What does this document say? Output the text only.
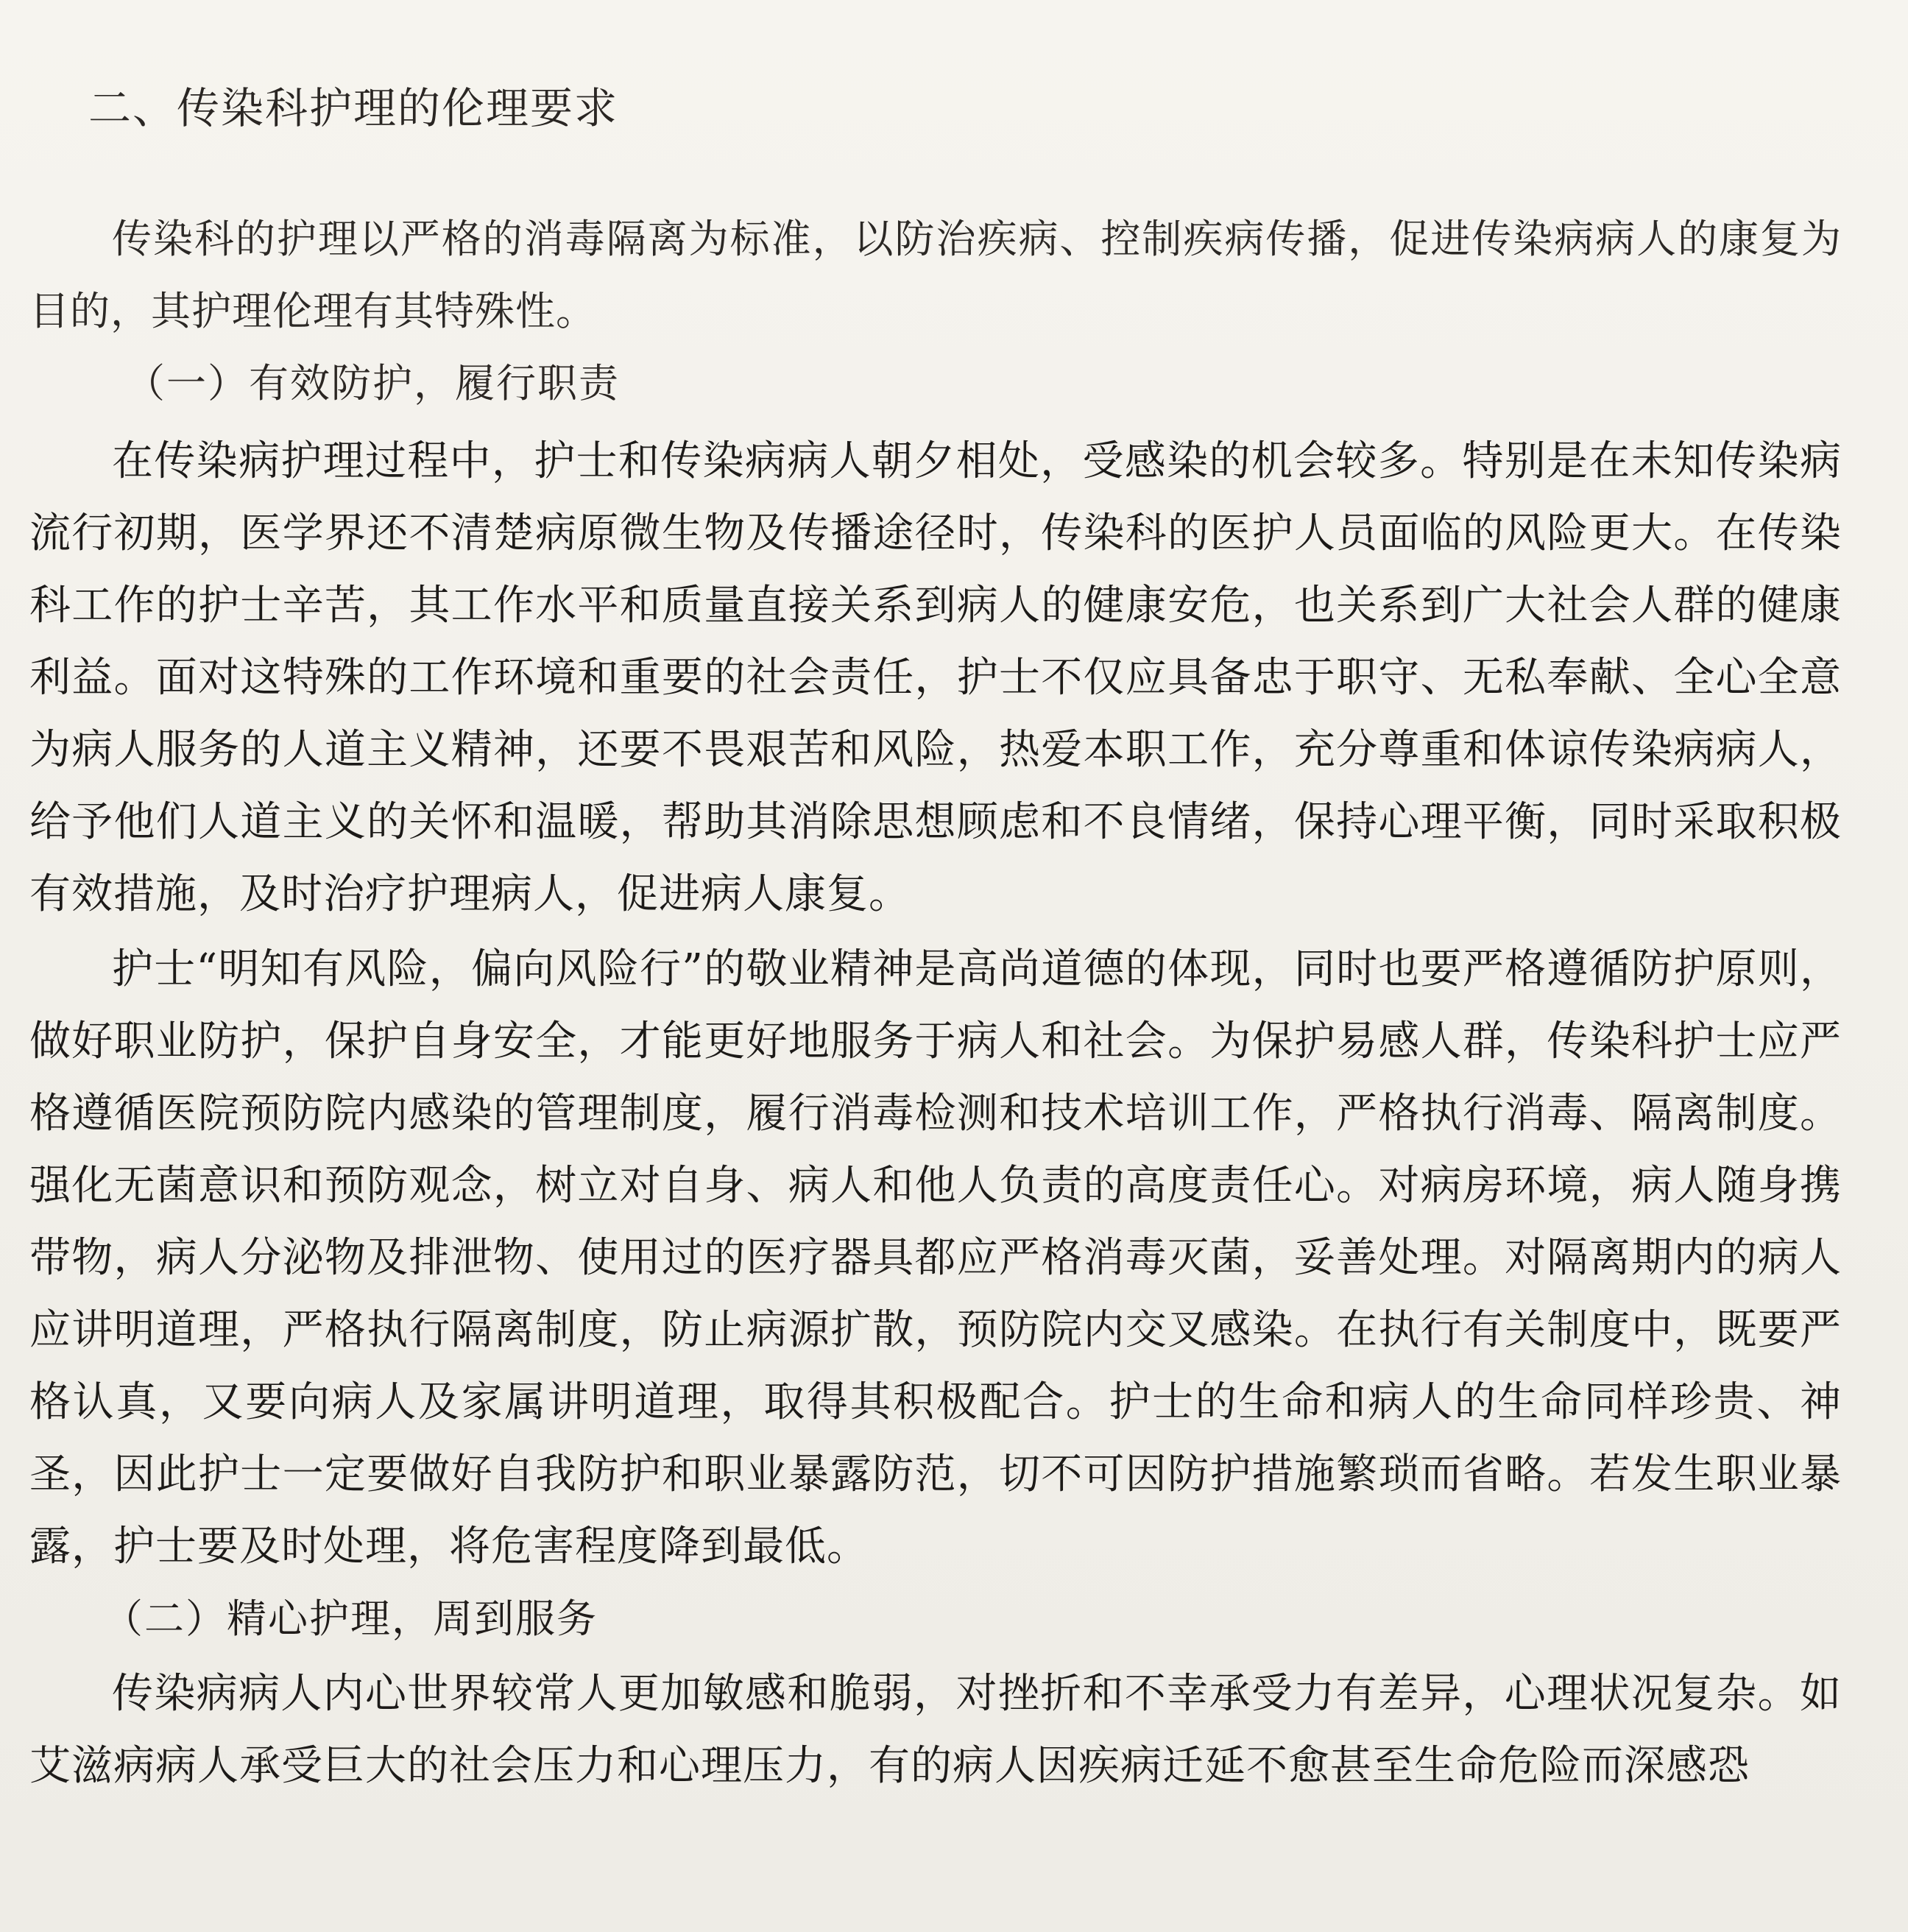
二、传染科护理的伦理要求

传染科的护理以严格的消毒隔离为标准，以防治疾病、控制疾病传播，促进传染病病人的康复为目的，其护理伦理有其特殊性。

（一）有效防护，履行职责

在传染病护理过程中，护士和传染病病人朝夕相处，受感染的机会较多。特别是在未知传染病流行初期，医学界还不清楚病原微生物及传播途径时，传染科的医护人员面临的风险更大。在传染科工作的护士辛苦，其工作水平和质量直接关系到病人的健康安危，也关系到广大社会人群的健康利益。面对这特殊的工作环境和重要的社会责任，护士不仅应具备忠于职守、无私奉献、全心全意为病人服务的人道主义精神，还要不畏艰苦和风险，热爱本职工作，充分尊重和体谅传染病病人，给予他们人道主义的关怀和温暖，帮助其消除思想顾虑和不良情绪，保持心理平衡，同时采取积极有效措施，及时治疗护理病人，促进病人康复。

护士“明知有风险，偏向风险行”的敬业精神是高尚道德的体现，同时也要严格遵循防护原则，做好职业防护，保护自身安全，才能更好地服务于病人和社会。为保护易感人群，传染科护士应严格遵循医院预防院内感染的管理制度，履行消毒检测和技术培训工作，严格执行消毒、隔离制度。强化无菌意识和预防观念，树立对自身、病人和他人负责的高度责任心。对病房环境，病人随身携带物，病人分泌物及排泄物、使用过的医疗器具都应严格消毒灭菌，妥善处理。对隔离期内的病人应讲明道理，严格执行隔离制度，防止病源扩散，预防院内交叉感染。在执行有关制度中，既要严格认真，又要向病人及家属讲明道理，取得其积极配合。护士的生命和病人的生命同样珍贵、神圣，因此护士一定要做好自我防护和职业暴露防范，切不可因防护措施繁琐而省略。若发生职业暴露，护士要及时处理，将危害程度降到最低。

（二）精心护理，周到服务

传染病病人内心世界较常人更加敏感和脆弱，对挫折和不幸承受力有差异，心理状况复杂。如艾滋病病人承受巨大的社会压力和心理压力，有的病人因疾病迁延不愈甚至生命危险而深感恐
